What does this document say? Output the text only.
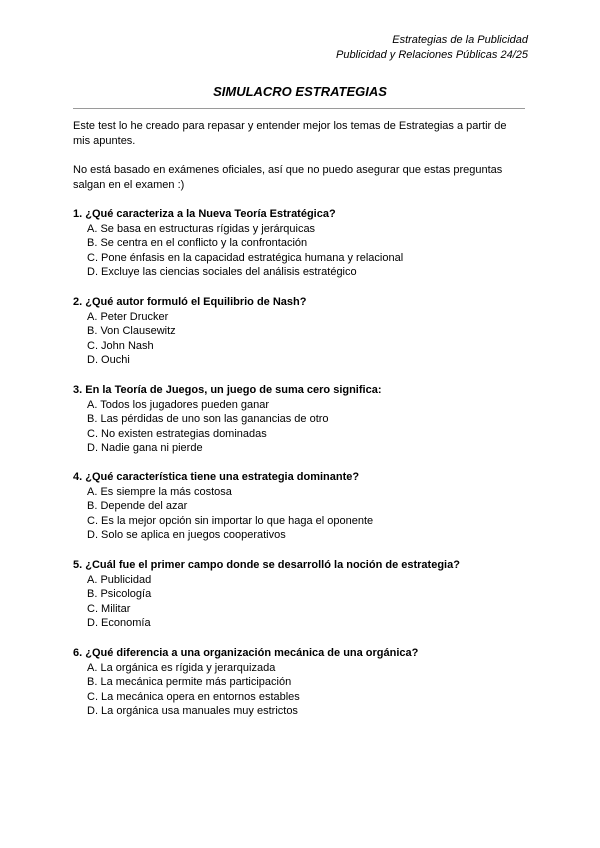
Estrategias de la Publicidad
Publicidad y Relaciones Públicas 24/25
SIMULACRO ESTRATEGIAS
Este test lo he creado para repasar y entender mejor los temas de Estrategias a partir de mis apuntes.
No está basado en exámenes oficiales, así que no puedo asegurar que estas preguntas salgan en el examen :)
1. ¿Qué caracteriza a la Nueva Teoría Estratégica?
A. Se basa en estructuras rígidas y jerárquicas
B. Se centra en el conflicto y la confrontación
C. Pone énfasis en la capacidad estratégica humana y relacional
D. Excluye las ciencias sociales del análisis estratégico
2. ¿Qué autor formuló el Equilibrio de Nash?
A. Peter Drucker
B. Von Clausewitz
C. John Nash
D. Ouchi
3. En la Teoría de Juegos, un juego de suma cero significa:
A. Todos los jugadores pueden ganar
B. Las pérdidas de uno son las ganancias de otro
C. No existen estrategias dominadas
D. Nadie gana ni pierde
4. ¿Qué característica tiene una estrategia dominante?
A. Es siempre la más costosa
B. Depende del azar
C. Es la mejor opción sin importar lo que haga el oponente
D. Solo se aplica en juegos cooperativos
5. ¿Cuál fue el primer campo donde se desarrolló la noción de estrategia?
A. Publicidad
B. Psicología
C. Militar
D. Economía
6. ¿Qué diferencia a una organización mecánica de una orgánica?
A. La orgánica es rígida y jerarquizada
B. La mecánica permite más participación
C. La mecánica opera en entornos estables
D. La orgánica usa manuales muy estrictos
